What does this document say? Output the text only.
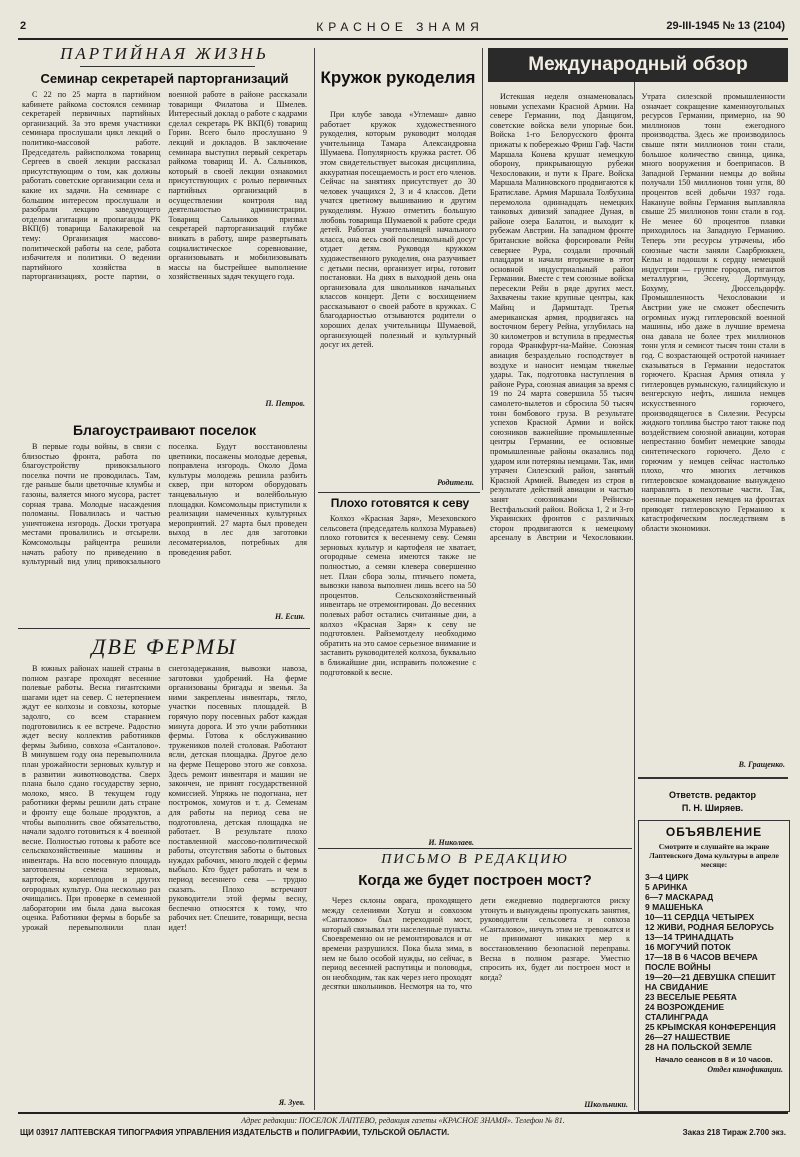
2	КРАСНОЕ ЗНАМЯ	29-III-1945 № 13 (2104)
ПАРТИЙНАЯ ЖИЗНЬ
Семинар секретарей парторганизаций

С 22 по 25 марта в партийном кабинете райкома состоялся семинар секретарей первичных партийных организаций. За это время участники семинара прослушали цикл лекций о политико-массовой работе. Председатель райисполкома товарищ Сергеев в своей лекции рассказал присутствующим о том, как должны работать советские организации села и какие их задачи. На семинаре с большим интересом прослушали и разобрали лекцию заведующего отделом агитации и пропаганды РК ВКП(б) товарища Балакиревой на тему: Организация массово-политической работы на селе, работа избачителя и политики. О ведении партийного хозяйства в парторганизациях, росте партии, о военной работе в районе рассказали товарищи Филатова и Шмелев. Интересный доклад о работе с кадрами сделал секретарь РК ВКП(б) товарищ Горин. Всего было прослушано 9 лекций и докладов. В заключение семинара выступил первый секретарь райкома товарищ И. А. Сальников, который в своей лекции ознакомил присутствующих с ролью первичных партийных организаций в осуществлении контроля над деятельностью администрации. Товарищ Сальников призвал секретарей парторганизаций глубже вникать в работу, шире развертывать социалистическое соревнование, организовывать и мобилизовывать массы на быстрейшее выполнение хозяйственных задач текущего года.

П. Петров.
Благоустраивают поселок

В первые годы войны, в связи с близостью фронта, работа по благоустройству привокзального поселка почти не проводилась. Там, где раньше были цветочные клумбы и газоны, валяется много мусора, растет сорная трава. Молодые насаждения поломаны. Повалилась и частью уничтожена изгородь. Доски тротуара местами провалились и отсырели. Комсомольцы райцентра решили начать работу по приведению в культурный вид улиц привокзального поселка. Будут восстановлены цветники, посажены молодые деревья, поправлена изгородь. Около Дома культуры молодежь решила разбить сквер, при котором оборудовать танцевальную и волейбольную площадки. Комсомольцы приступили к реализации намеченных культурных мероприятий. 27 марта был проведен выход в лес для заготовки лесоматериалов, потребных для проведения работ.

Н. Есин.
ДВЕ ФЕРМЫ

В южных районах нашей страны в полном разгаре проходят весенние полевые работы. Весна гигантскими шагами идет на север. С нетерпением ждут ее колхозы и совхозы, которые задолго, со всем старанием подготовились к ее встрече. Радостно ждет весну коллектив работников фермы Зыбино, совхоза «Санталово». В минувшем году она перевыполнила план урожайности зерновых культур и в развитии животноводства. Сверх плана было сдано государству зерно, молоко, мясо. В текущем году работники фермы решили дать стране и фронту еще больше продуктов, а чтобы выполнить свое обязательство, начали задолго готовиться к 4 военной весне. Полностью готовы к работе все сельскохозяйственные машины и инвентарь. На всю посевную площадь заготовлены семена зерновых, картофеля, корнеплодов и других огородных культур. Она несколько раз очищались. При проверке в семенной лаборатории им была дана высокая оценка. Работники фермы в борьбе за урожай перевыполнили план снегозадержания, вывозки навоза, заготовки удобрений. На ферме организованы бригады и звенья. За ними закреплены инвентарь, тягло, участки посевных площадей. В горячую пору посевных работ каждая минута дорога. И это учли работники фермы. Готова к обслуживанию тружеников полей столовая. Работают ясли, детская площадка. Другое дело на ферме Пещерово этого же совхоза. Здесь ремонт инвентаря и машин не закончен, не принят государственной комиссией. Упряжь не подогнана, нет постромок, хомутов и т. д. Семенам для работы на период сева не подготовлена, детская площадка не работает. В результате плохо поставленной массово-политической работы, отсутствия заботы о бытовых нуждах рабочих, много людей с фермы выбыло. Кто будет работать и чем в период весеннего сева — трудно сказать. Плохо встречают руководители этой фермы весну, беспечно относятся к тому, что рабочих нет. Спешите, товарищи, весна идет!

Я. Зуев.
Кружок рукоделия

При клубе завода «Углемаш» давно работает кружок художественного рукоделия, которым руководит молодая учительница Тамара Александровна Шумаева. Популярность кружка растет. Об этом свидетельствует высокая дисциплина, аккуратная посещаемость и рост его членов. Сейчас на занятиях присутствует до 30 человек учащихся 2, 3 и 4 классов. Дети учатся цветному вышиванию и другим рукоделиям. Нужно отметить большую любовь товарища Шумаевой к работе среди детей. Работая учительницей начального класса, она весь свой послешкольный досуг отдает детям. Руководя кружком художественного рукоделия, она разучивает с детьми песни, организует игры, готовит постановки. На днях в выходной день она организовала для школьников начальных классов концерт. Дети с восхищением рассказывают о своей работе в кружках. С благодарностью отзываются родители о хороших делах учительницы Шумаевой, организующей полезный и культурный досуг их детей.

Родители.
Плохо готовятся к севу

Колхоз «Красная Заря», Мезеховского сельсовета (председатель колхоза Муравьев) плохо готовится к весеннему севу. Семян зерновых культур и картофеля не хватает, огородные семена имеются также не полностью, а семян клевера совершенно нет. План сбора золы, птичьего помета, вывозки навоза выполнен лишь всего на 50 процентов. Сельскохозяйственный инвентарь не отремонтирован. До весенних полевых работ остались считанные дни, а колхоз «Красная Заря» к севу не подготовлен. Райземотделу необходимо обратить на это самое серьезное внимание и заставить руководителей колхоза, буквально в ближайшие дни, исправить положение с подготовкой к весне.

И. Николаев.
Международный обзор

Истекшая неделя ознаменовалась новыми успехами Красной Армии. На севере Германии, под Данцигом, советские войска вели упорные бои. Войска 1-го Белорусского фронта прижаты к побережью Фриш Гаф. Части Маршала Конева крушат немецкую оборону, прикрывающую рубежи Чехословакии, и пути к Праге. Войска Маршала Малиновского продвигаются к Братиславе. Армия Маршала Толбухина перемолола одиннадцать немецких танковых дивизий западнее Дуная, в районе озера Балатон, и выходит к рубежам Австрии. На западном фронте британские войска форсировали Рейн севернее Рура, создали прочный плацдарм и начали вторжение в этот основной индустриальный район Германии. Вместе с тем союзные войска пересекли Рейн в ряде других мест. Захвачены такие крупные центры, как Майнц и Дармштадт. Третья американская армия, продвигаясь на восточном берегу Рейна, углубилась на 30 километров и вступила в предместья города Франкфурт-на-Майне. Союзная авиация безраздельно господствует в воздухе и наносит немцам тяжелые удары. Так, подготовка наступления в районе Рура, союзная авиация за время с 19 по 24 марта совершила 55 тысяч самолето-вылетов и сбросила 50 тысяч тонн бомбового груза. В результате успехов Красной Армии и войск союзников важнейшие промышленные центры Германии, ее основные промышленные районы оказались под ударом или потеряны немцами. Так, ими утрачен Силезский район, занятый Красной Армией. Выведен из строя в результате действий авиации и частью занят союзниками Рейнско-Вестфальский район. Войска 1, 2 и 3-го Украинских фронтов с различных сторон продвигаются к немецкому арсеналу в Австрии и Чехословакии. Утрата силезской промышленности означает сокращение каменноугольных ресурсов Германии, примерно, на 90 миллионов тонн ежегодного производства. Здесь же производилось свыше пяти миллионов тонн стали, большое количество свинца, цинка, много вооружения и боеприпасов. В Западной Германии немцы до войны получали 150 миллионов тонн угля, 80 процентов всей добычи 1937 года. Накануне войны Германия выплавляла свыше 25 миллионов тонн стали в год. Не менее 60 процентов плавки приходилось на Западную Германию. Теперь эти ресурсы утрачены, ибо союзные части заняли Саарбрюккен, Кельн и подошли к сердцу немецкой индустрии — группе городов, гигантов металлургии, Эссену, Дортмунду, Бохуму, Дюссельдорфу. Промышленность Чехословакии и Австрии уже не сможет обеспечить огромных нужд гитлеровской военной машины, ибо даже в лучшие времена она давала не более трех миллионов тонн угля и семисот тысяч тонн стали в год. С возрастающей остротой начинает сказываться в Германии недостаток горючего. Красная Армия отняла у гитлеровцев румынскую, галицийскую и венгерскую нефть, лишила немцев искусственного горючего, производящегося в Силезии. Ресурсы жидкого топлива быстро тают также под воздействием союзной авиации, которая непрестанно бомбит немецкие заводы синтетического горючего. Дело с горючим у немцев сейчас настолько плохо, что многих летчиков гитлеровское командование вынуждено направлять в пехотные части. Так, военные поражения немцев на фронтах приводят гитлеровскую Германию к катастрофическим последствиям в области экономики.

В. Гращенко.
Ответств. редактор
П. Н. Ширяев.
ОБЪЯВЛЕНИЕ
Смотрите и слушайте на экране Лаптевского Дома культуры в апреле месяце:
3—4 ЦИРК
5 АРИНКА
6—7 МАСКАРАД
9 МАШЕНЬКА
10—11 СЕРДЦА ЧЕТЫРЕХ
12 ЖИВИ, РОДНАЯ БЕЛОРУСЬ
13—14 ТРИНАДЦАТЬ
16 МОГУЧИЙ ПОТОК
17—18 В 6 ЧАСОВ ВЕЧЕРА ПОСЛЕ ВОЙНЫ
19—20—21 ДЕВУШКА СПЕШИТ НА СВИДАНИЕ
23 ВЕСЕЛЫЕ РЕБЯТА
24 ВОЗРОЖДЕНИЕ СТАЛИНГРАДА
25 КРЫМСКАЯ КОНФЕРЕНЦИЯ
26—27 НАШЕСТВИЕ
28 НА ПОЛЬСКОЙ ЗЕМЛЕ
Начало сеансов в 8 и 10 часов.
Отдел кинофикации.
ПИСЬМО В РЕДАКЦИЮ
Когда же будет построен мост?

Через склоны оврага, проходящего между селениями Хотуш и совхозом «Санталово» был переходной мост, который связывал эти населенные пункты. Своевременно он не ремонтировался и от времени разрушился. Пока была зима, в нем не было особой нужды, но сейчас, в период весенней распутицы и половодья, он необходим, так как через него проходят десятки школьников. Несмотря на то, что дети ежедневно подвергаются риску утонуть и вынуждены пропускать занятия, руководители сельсовета и совхоза «Санталово», ничуть этим не тревожатся и не принимают никаких мер к восстановлению безопасной переправы. Весна в полном разгаре. Уместно спросить их, будет ли построен мост и когда?

Школьники.
Адрес редакции: ПОСЕЛОК ЛАПТЕВО, редакция газеты «КРАСНОЕ ЗНАМЯ». Телефон № 81.
ЩИ 03917 ЛАПТЕВСКАЯ ТИПОГРАФИЯ УПРАВЛЕНИЯ ИЗДАТЕЛЬСТВ и ПОЛИГРАФИИ, ТУЛЬСКОЙ ОБЛАСТИ.	Заказ 218 Тираж 2.700 экз.
